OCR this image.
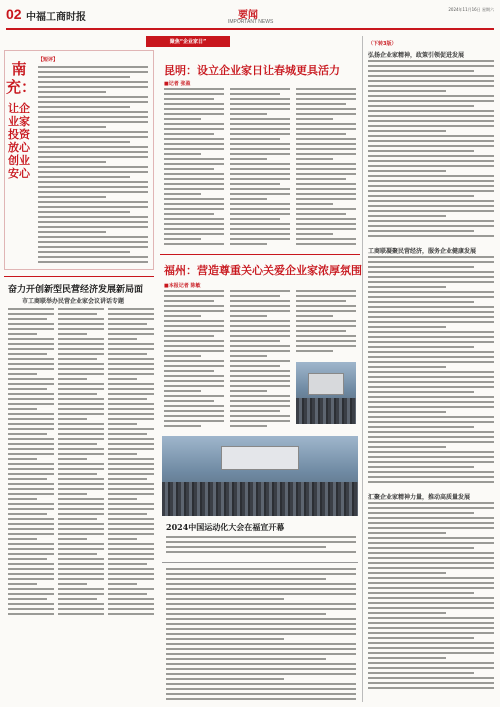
02 中福工商时报	要闻
IMPORTANT NEWS
2024年11月16日 星期六
聚焦“企业家日”
南充：
让企业家投资放心创业安心
【短评】
昆明：设立企业家日让春城更具活力
■记者 张盈
福州：营造尊重关心关爱企业家浓厚氛围
■本报记者 陈敏
（下转3版）
弘扬企业家精神，政策引领促进发展
工商联凝聚民营经济，服务企业健康发展
汇聚企业家精神力量，推动高质量发展
奋力开创新型民营经济发展新局面
市工商联举办民营企业家会议讲话专题
2024中国运动化大会在福宣开幕
